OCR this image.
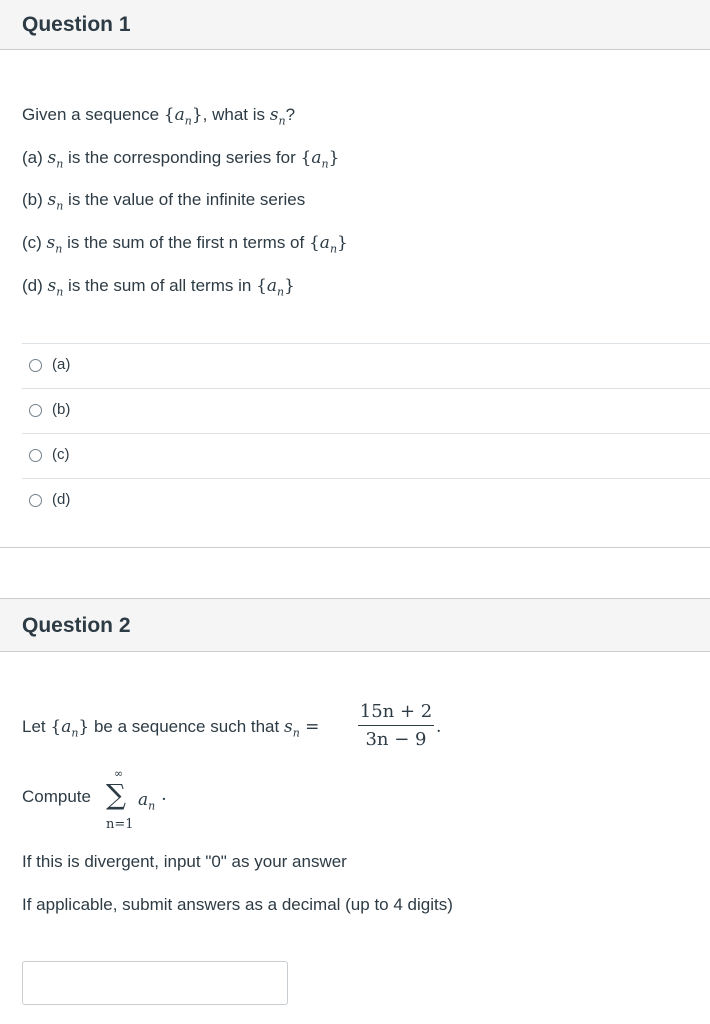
Question 1
Given a sequence $\{a_n\}$, what is $s_n$?
(a) $s_n$ is the corresponding series for $\{a_n\}$
(b) $s_n$ is the value of the infinite series
(c) $s_n$ is the sum of the first n terms of $\{a_n\}$
(d) $s_n$ is the sum of all terms in $\{a_n\}$
(a)
(b)
(c)
(d)
Question 2
Let $\{a_n\}$ be a sequence such that $s_n$ =
15n + 2
3n − 9
.
Compute
∞
∑
n=1
$a_n$ ·
If this is divergent, input "0" as your answer
If applicable, submit answers as a decimal (up to 4 digits)
